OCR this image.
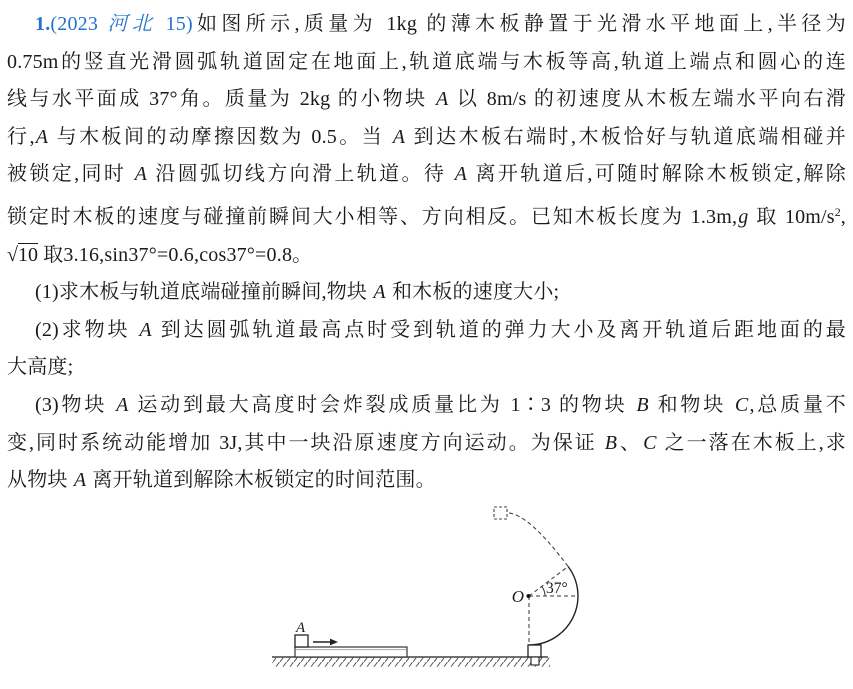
1.(2023 河北 15)如图所示,质量为 1kg 的薄木板静置于光滑水平地面上,半径为
0.75m的竖直光滑圆弧轨道固定在地面上,轨道底端与木板等高,轨道上端点和圆心的连
线与水平面成 37°角。质量为 2kg 的小物块 A 以 8m/s 的初速度从木板左端水平向右滑
行,A 与木板间的动摩擦因数为 0.5。当 A 到达木板右端时,木板恰好与轨道底端相碰并
被锁定,同时 A 沿圆弧切线方向滑上轨道。待 A 离开轨道后,可随时解除木板锁定,解除
锁定时木板的速度与碰撞前瞬间大小相等、方向相反。已知木板长度为 1.3m,g 取 $10m/s^2$,
√10 取3.16,sin37°=0.6,cos37°=0.8。
(1)求木板与轨道底端碰撞前瞬间,物块 A 和木板的速度大小;
(2)求物块 A 到达圆弧轨道最高点时受到轨道的弹力大小及离开轨道后距地面的最
大高度;
(3)物块 A 运动到最大高度时会炸裂成质量比为 1∶3 的物块 B 和物块 C,总质量不
变,同时系统动能增加 3J,其中一块沿原速度方向运动。为保证 B、C 之一落在木板上,求
从物块 A 离开轨道到解除木板锁定的时间范围。
A
37°
O
